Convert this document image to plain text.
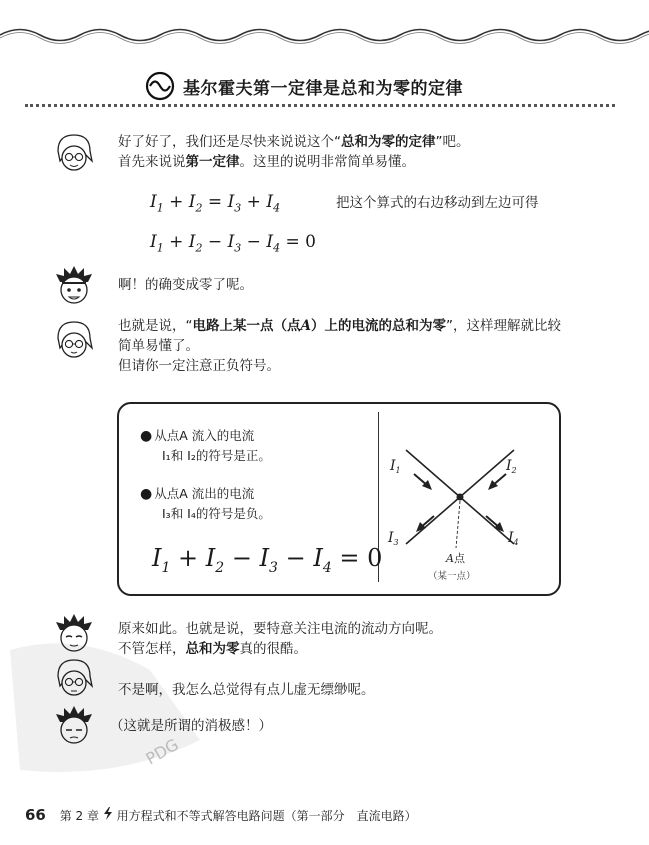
基尔霍夫第一定律是总和为零的定律
好了好了，我们还是尽快来说说这个“总和为零的定律”吧。
首先来说说第一定律。这里的说明非常简单易懂。
$I_1 + I_2 = I_3 + I_4$	把这个算式的右边移动到左边可得
$I_1 + I_2 - I_3 - I_4 = 0$
啊！的确变成零了呢。
也就是说，“电路上某一点（点A）上的电流的总和为零”，这样理解就比较
简单易懂了。
但请你一定注意正负符号。
● 从点A 流入的电流
I₁和 I₂的符号是正。
● 从点A 流出的电流
I₃和 I₄的符号是负。
$I_1 + I_2 - I_3 - I_4 = 0$
$I_1$	$I_2$
$I_3$	$I_4$
A点
（某一点）
原来如此。也就是说，要特意关注电流的流动方向呢。
不管怎样，总和为零真的很酷。
不是啊，我怎么总觉得有点儿虚无缥缈呢。
（这就是所谓的消极感！）
PDG
66 第 2 章 用方程式和不等式解答电路问题（第一部分　直流电路）
